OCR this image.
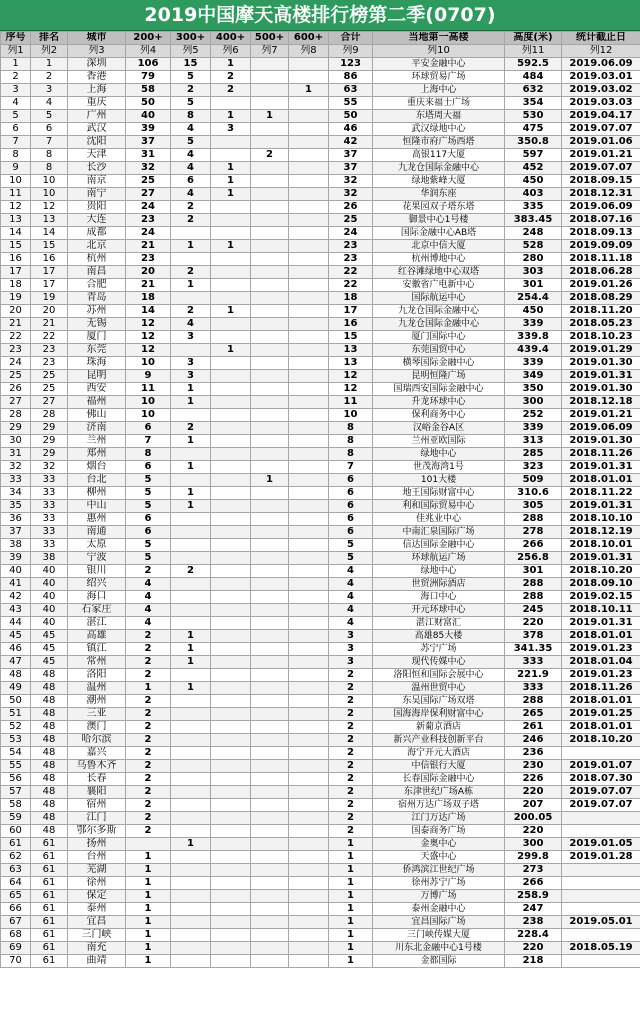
2019中国摩天高楼排行榜第二季(0707)
序号	排名	城市	200+	300+	400+	500+	600+	合计	当地第一高楼	高度(米)	统计截止日
列1	列2	列3	列4	列5	列6	列7	列8	列9	列10	列11	列12
1	1	深圳	106	15	1			123	平安金融中心	592.5	2019.06.09
2	2	香港	79	5	2			86	环球贸易广场	484	2019.03.01
3	3	上海	58	2	2		1	63	上海中心	632	2019.03.02
4	4	重庆	50	5				55	重庆来福士广场	354	2019.03.03
5	5	广州	40	8	1	1		50	东塔周大福	530	2019.04.17
6	6	武汉	39	4	3			46	武汉绿地中心	475	2019.07.07
7	7	沈阳	37	5				42	恒隆市府广场西塔	350.8	2019.01.06
8	8	天津	31	4		2		37	高银117大厦	597	2019.01.21
9	8	长沙	32	4	1			37	九龙仓国际金融中心	452	2019.07.07
10	10	南京	25	6	1			32	绿地紫峰大厦	450	2018.09.15
11	10	南宁	27	4	1			32	华润东座	403	2018.12.31
12	12	贵阳	24	2				26	花果园双子塔东塔	335	2019.06.09
13	13	大连	23	2				25	御景中心1号楼	383.45	2018.07.16
14	14	成都	24					24	国际金融中心AB塔	248	2018.09.13
15	15	北京	21	1	1			23	北京中信大厦	528	2019.09.09
16	16	杭州	23					23	杭州博地中心	280	2018.11.18
17	17	南昌	20	2				22	红谷滩绿地中心双塔	303	2018.06.28
18	17	合肥	21	1				22	安徽省广电新中心	301	2019.01.26
19	19	青岛	18					18	国际航运中心	254.4	2018.08.29
20	20	苏州	14	2	1			17	九龙仓国际金融中心	450	2018.11.20
21	21	无锡	12	4				16	九龙仓国际金融中心	339	2018.05.23
22	22	厦门	12	3				15	厦门国际中心	339.8	2018.10.23
23	23	东莞	12		1			13	东莞国贸中心	439.4	2019.01.29
24	23	珠海	10	3				13	横琴国际金融中心	339	2019.01.30
25	25	昆明	9	3				12	昆明恒隆广场	349	2019.01.31
26	25	西安	11	1				12	国瑞西安国际金融中心	350	2019.01.30
27	27	福州	10	1				11	升龙环球中心	300	2018.12.18
28	28	佛山	10					10	保利商务中心	252	2019.01.21
29	29	济南	6	2				8	汉峪金谷A区	339	2019.06.09
30	29	兰州	7	1				8	兰州亚欧国际	313	2019.01.30
31	29	郑州	8					8	绿地中心	285	2018.11.26
32	32	烟台	6	1				7	世茂海湾1号	323	2019.01.31
33	33	台北	5			1		6	101大楼	509	2018.01.01
34	33	柳州	5	1				6	地王国际财富中心	310.6	2018.11.22
35	33	中山	5	1				6	利和国际贸易中心	305	2019.01.31
36	33	惠州	6					6	佳兆业中心	288	2018.10.10
37	33	南通	6					6	中南汇泉国际广场	278	2018.12.19
38	33	太原	5					5	信达国际金融中心	266	2018.10.01
39	38	宁波	5					5	环球航运广场	256.8	2019.01.31
40	40	银川	2	2				4	绿地中心	301	2018.10.20
41	40	绍兴	4					4	世贸洲际酒店	288	2018.09.10
42	40	海口	4					4	海口中心	288	2019.02.15
43	40	石家庄	4					4	开元环球中心	245	2018.10.11
44	40	湛江	4					4	湛江财富汇	220	2019.01.31
45	45	高雄	2	1				3	高雄85大楼	378	2018.01.01
46	45	镇江	2	1				3	苏宁广场	341.35	2019.01.23
47	45	常州	2	1				3	现代传媒中心	333	2018.01.04
48	48	洛阳	2					2	洛阳恒和国际会展中心	221.9	2019.01.23
49	48	温州	1	1				2	温州世贸中心	333	2018.11.26
50	48	潮州	2					2	东吴国际广场双塔	288	2018.01.01
51	48	三亚	2					2	国海海岸保利财富中心	265	2019.01.25
52	48	澳门	2					2	新葡京酒店	261	2018.01.01
53	48	哈尔滨	2					2	新兴产业科技创新平台	246	2018.10.20
54	48	嘉兴	2					2	海宁开元大酒店	236	
55	48	乌鲁木齐	2					2	中信银行大厦	230	2019.01.07
56	48	长春	2					2	长春国际金融中心	226	2018.07.30
57	48	襄阳	2					2	东津世纪广场A栋	220	2019.07.07
58	48	宿州	2					2	宿州万达广场双子塔	207	2019.07.07
59	48	江门	2					2	江门万达广场	200.05	
60	48	鄂尔多斯	2					2	国泰商务广场	220	
61	61	扬州		1				1	金奥中心	300	2019.01.05
62	61	台州	1					1	天盛中心	299.8	2019.01.28
63	61	芜湖	1					1	侨鸿滨江世纪广场	273	
64	61	徐州	1					1	徐州苏宁广场	266	
65	61	保定	1					1	万博广场	258.9	
66	61	泰州	1					1	泰州金融中心	247	
67	61	宜昌	1					1	宜昌国际广场	238	2019.05.01
68	61	三门峡	1					1	三门峡传媒大厦	228.4	
69	61	南充	1					1	川东北金融中心1号楼	220	2018.05.19
70	61	曲靖	1					1	金都国际	218	
